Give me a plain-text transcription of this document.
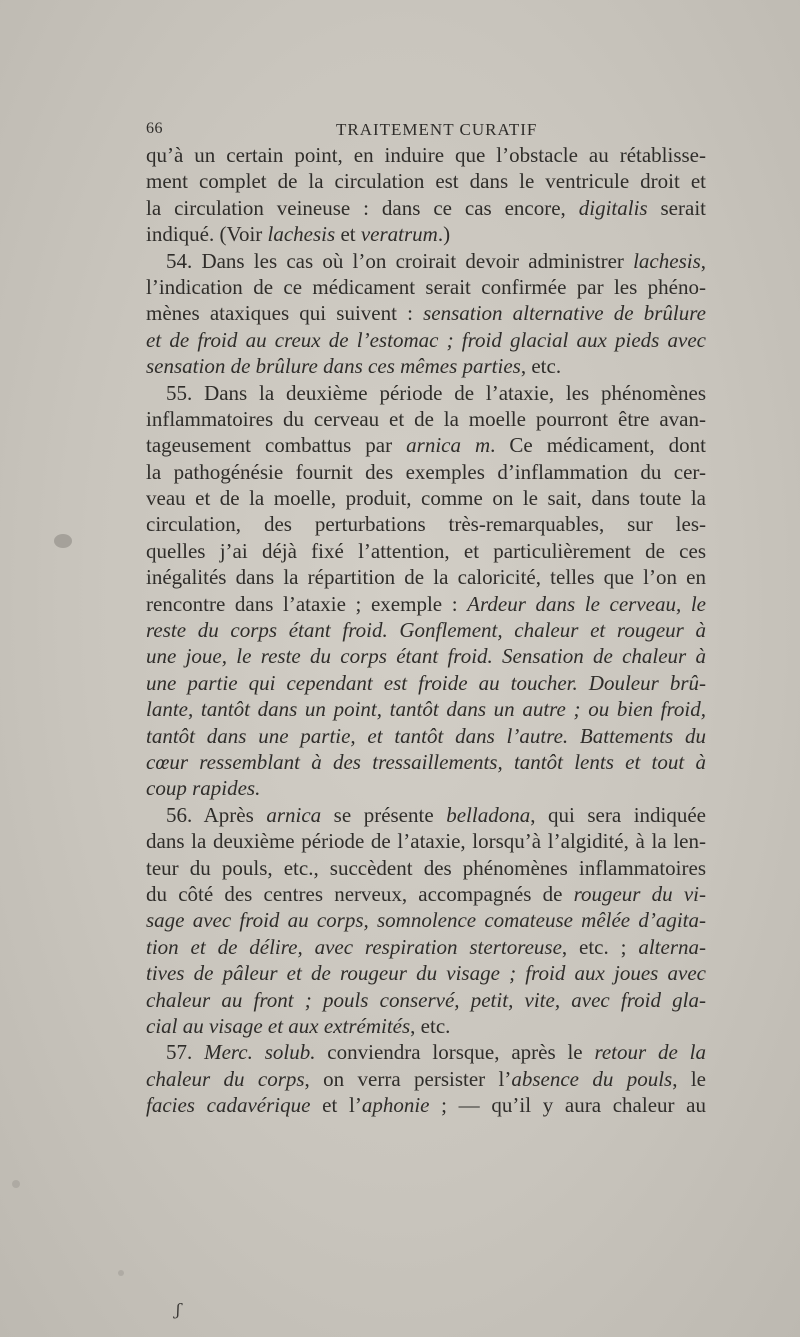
66	TRAITEMENT CURATIF
qu’à un certain point, en induire que l’obstacle au rétablisse-
ment complet de la circulation est dans le ventricule droit et
la circulation veineuse : dans ce cas encore, digitalis serait
indiqué. (Voir lachesis et veratrum.)
54. Dans les cas où l’on croirait devoir administrer lachesis,
l’indication de ce médicament serait confirmée par les phéno-
mènes ataxiques qui suivent : sensation alternative de brûlure
et de froid au creux de l’estomac ; froid glacial aux pieds avec
sensation de brûlure dans ces mêmes parties, etc.
55. Dans la deuxième période de l’ataxie, les phénomènes
inflammatoires du cerveau et de la moelle pourront être avan-
tageusement combattus par arnica m. Ce médicament, dont
la pathogénésie fournit des exemples d’inflammation du cer-
veau et de la moelle, produit, comme on le sait, dans toute la
circulation, des perturbations très-remarquables, sur les-
quelles j’ai déjà fixé l’attention, et particulièrement de ces
inégalités dans la répartition de la caloricité, telles que l’on en
rencontre dans l’ataxie ; exemple : Ardeur dans le cerveau, le
reste du corps étant froid. Gonflement, chaleur et rougeur à
une joue, le reste du corps étant froid. Sensation de chaleur à
une partie qui cependant est froide au toucher. Douleur brû-
lante, tantôt dans un point, tantôt dans un autre ; ou bien froid,
tantôt dans une partie, et tantôt dans l’autre. Battements du
cœur ressemblant à des tressaillements, tantôt lents et tout à
coup rapides.
56. Après arnica se présente belladona, qui sera indiquée
dans la deuxième période de l’ataxie, lorsqu’à l’algidité, à la len-
teur du pouls, etc., succèdent des phénomènes inflammatoires
du côté des centres nerveux, accompagnés de rougeur du vi-
sage avec froid au corps, somnolence comateuse mêlée d’agita-
tion et de délire, avec respiration stertoreuse, etc. ; alterna-
tives de pâleur et de rougeur du visage ; froid aux joues avec
chaleur au front ; pouls conservé, petit, vite, avec froid gla-
cial au visage et aux extrémités, etc.
57. Merc. solub. conviendra lorsque, après le retour de la
chaleur du corps, on verra persister l’absence du pouls, le
facies cadavérique et l’aphonie ; — qu’il y aura chaleur au
ʃ
